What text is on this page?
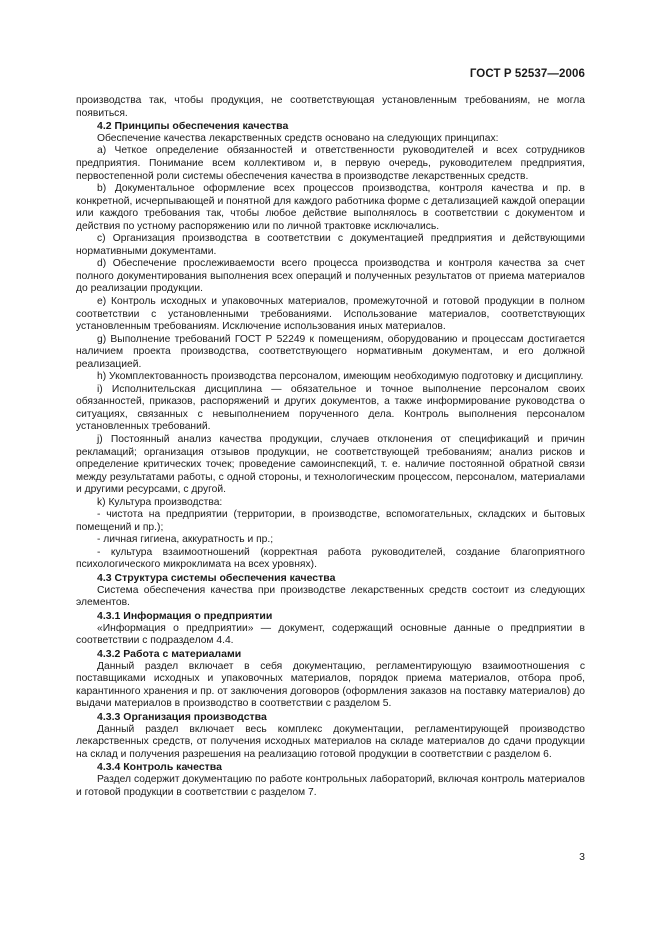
ГОСТ Р 52537—2006

производства так, чтобы продукция, не соответствующая установленным требованиям, не могла появиться.

4.2 Принципы обеспечения качества

Обеспечение качества лекарственных средств основано на следующих принципах:

а) Четкое определение обязанностей и ответственности руководителей и всех сотрудников предприятия. Понимание всем коллективом и, в первую очередь, руководителем предприятия, первостепенной роли системы обеспечения качества в производстве лекарственных средств.

b) Документальное оформление всех процессов производства, контроля качества и пр. в конкретной, исчерпывающей и понятной для каждого работника форме с детализацией каждой операции или каждого требования так, чтобы любое действие выполнялось в соответствии с документом и действия по устному распоряжению или по личной трактовке исключались.

c) Организация производства в соответствии с документацией предприятия и действующими нормативными документами.

d) Обеспечение прослеживаемости всего процесса производства и контроля качества за счет полного документирования выполнения всех операций и полученных результатов от приема материалов до реализации продукции.

e) Контроль исходных и упаковочных материалов, промежуточной и готовой продукции в полном соответствии с установленными требованиями. Использование материалов, соответствующих установленным требованиям. Исключение использования иных материалов.

g) Выполнение требований ГОСТ Р 52249 к помещениям, оборудованию и процессам достигается наличием проекта производства, соответствующего нормативным документам, и его должной реализацией.

h) Укомплектованность производства персоналом, имеющим необходимую подготовку и дисциплину.

i) Исполнительская дисциплина — обязательное и точное выполнение персоналом своих обязанностей, приказов, распоряжений и других документов, а также информирование руководства о ситуациях, связанных с невыполнением порученного дела. Контроль выполнения персоналом установленных требований.

j) Постоянный анализ качества продукции, случаев отклонения от спецификаций и причин рекламаций; организация отзывов продукции, не соответствующей требованиям; анализ рисков и определение критических точек; проведение самоинспекций, т. е. наличие постоянной обратной связи между результатами работы, с одной стороны, и технологическим процессом, персоналом, материалами и другими ресурсами, с другой.

k) Культура производства:

- чистота на предприятии (территории, в производстве, вспомогательных, складских и бытовых помещений и пр.);

- личная гигиена, аккуратность и пр.;

- культура взаимоотношений (корректная работа руководителей, создание благоприятного психологического микроклимата на всех уровнях).

4.3 Структура системы обеспечения качества

Система обеспечения качества при производстве лекарственных средств состоит из следующих элементов.

4.3.1 Информация о предприятии

«Информация о предприятии» — документ, содержащий основные данные о предприятии в соответствии с подразделом 4.4.

4.3.2 Работа с материалами

Данный раздел включает в себя документацию, регламентирующую взаимоотношения с поставщиками исходных и упаковочных материалов, порядок приема материалов, отбора проб, карантинного хранения и пр. от заключения договоров (оформления заказов на поставку материалов) до выдачи материалов в производство в соответствии с разделом 5.

4.3.3 Организация производства

Данный раздел включает весь комплекс документации, регламентирующей производство лекарственных средств, от получения исходных материалов на складе материалов до сдачи продукции на склад и получения разрешения на реализацию готовой продукции в соответствии с разделом 6.

4.3.4 Контроль качества

Раздел содержит документацию по работе контрольных лабораторий, включая контроль материалов и готовой продукции в соответствии с разделом 7.

3
